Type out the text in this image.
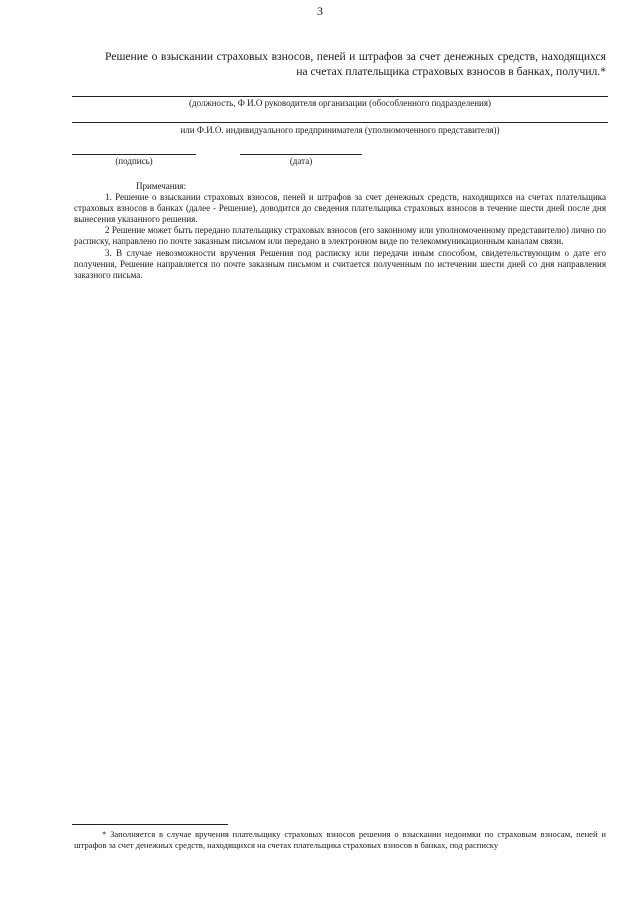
3
Решение о взыскании страховых взносов, пеней и штрафов за счет денежных средств, находящихся на счетах плательщика страховых взносов в банках, получил.*
(должность, Ф И.О руководителя организации (обособленного подразделения)
или Ф.И.О. индивидуального предпринимателя (уполномоченного представителя))
(подпись)	(дата)

Примечания:

1. Решение о взыскании страховых взносов, пеней и штрафов за счет денежных средств, находящихся на счетах плательщика страховых взносов в банках (далее - Решение), доводится до сведения плательщика страховых взносов в течение шести дней после дня вынесения указанного решения.

2 Решение может быть передано плательщику страховых взносов (его законному или уполномоченному представителю) лично по расписку, направлено по почте заказным письмом или передано в электронном виде по телекоммуникационным каналам связи.

3. В случае невозможности вручения Решения под расписку или передачи иным способом, свидетельствующим о дате его получения, Решение направляется по почте заказным письмом и считается полученным по истечении шести дней со дня направления заказного письма.

* Заполняется в случае вручения плательщику страховых взносов решения о взыскании недоимки по страховым взносам, пеней и штрафов за счет денежных средств, находящихся на счетах плательщика страховых взносов в банках, под расписку
